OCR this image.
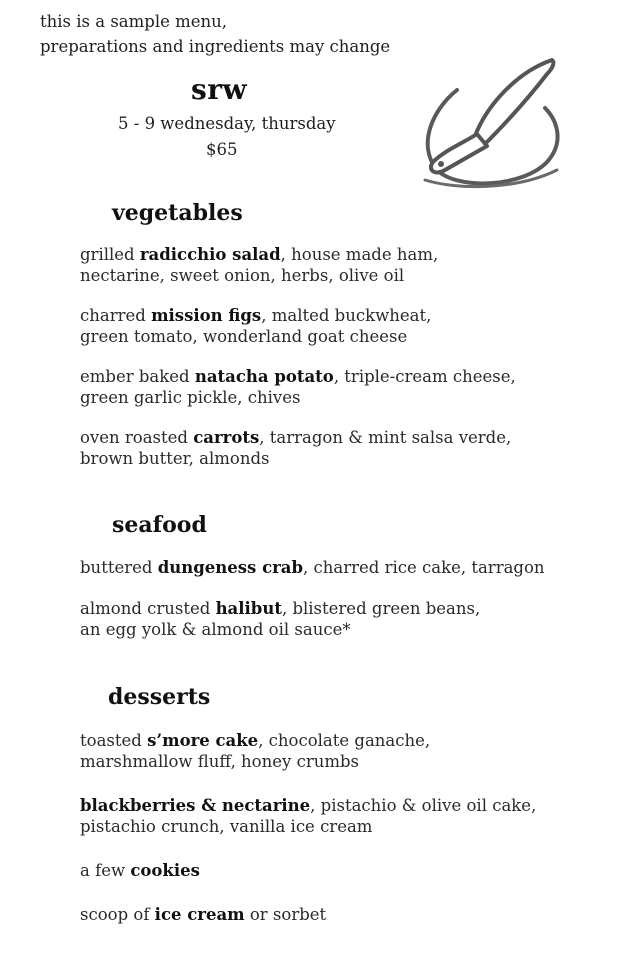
this is a sample menu,
preparations and ingredients may change
srw
5 - 9 wednesday, thursday
$65
vegetables
grilled radicchio salad, house made ham,
nectarine, sweet onion, herbs, olive oil
charred mission figs, malted buckwheat,
green tomato, wonderland goat cheese
ember baked natacha potato, triple-cream cheese,
green garlic pickle, chives
oven roasted carrots, tarragon & mint salsa verde,
brown butter, almonds
seafood
buttered dungeness crab, charred rice cake, tarragon
almond crusted halibut, blistered green beans,
an egg yolk & almond oil sauce*
desserts
toasted s’more cake, chocolate ganache,
marshmallow fluff, honey crumbs
blackberries & nectarine, pistachio & olive oil cake,
pistachio crunch, vanilla ice cream
a few cookies
scoop of ice cream or sorbet
